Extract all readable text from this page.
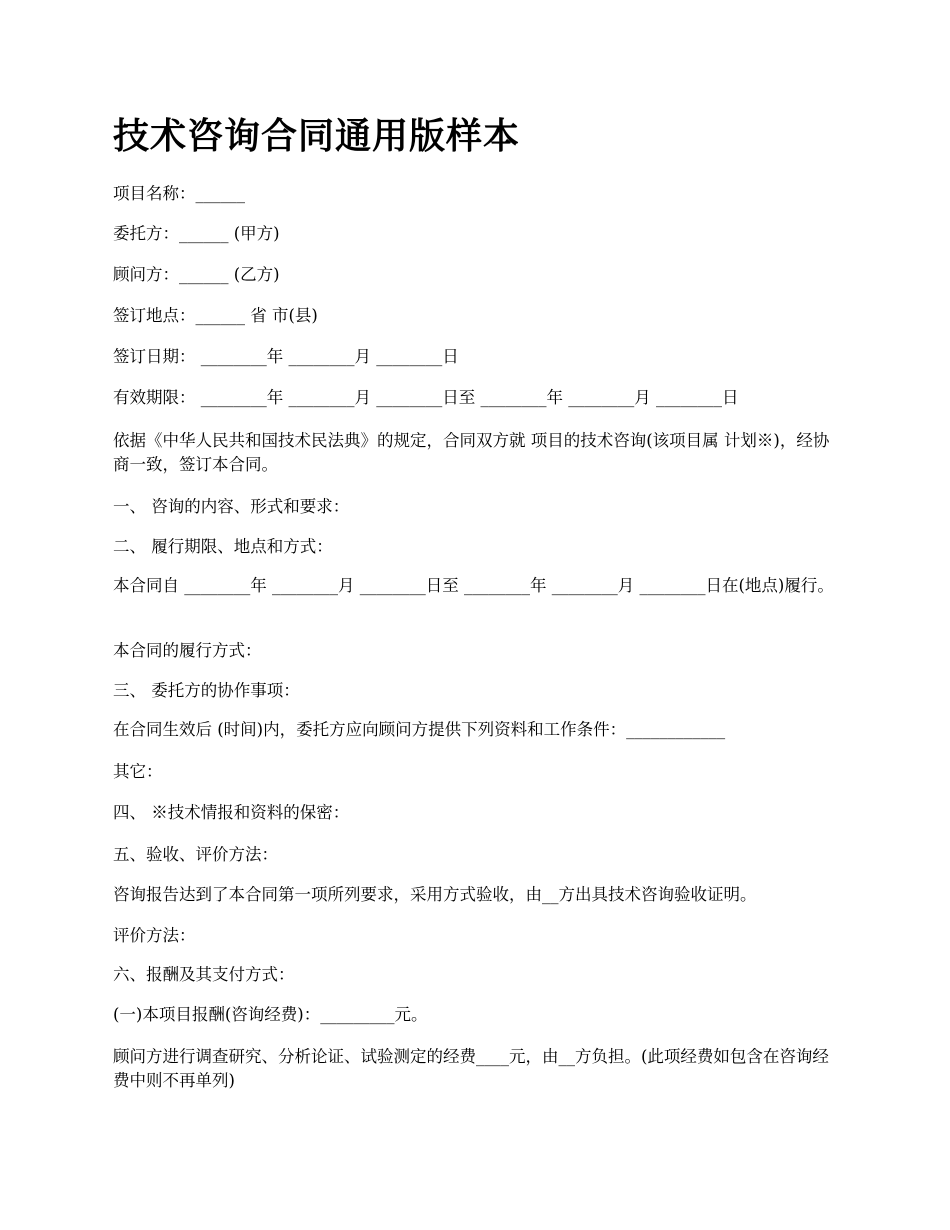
技术咨询合同通用版样本
项目名称：______
委托方：______ (甲方)
顾问方：______ (乙方)
签订地点：______ 省 市(县)
签订日期： ________年 ________月 ________日
有效期限： ________年 ________月 ________日至 ________年 ________月 ________日
依据《中华人民共和国技术民法典》的规定，合同双方就 项目的技术咨询(该项目属 计划※)，经协商一致，签订本合同。
一、 咨询的内容、形式和要求：
二、 履行期限、地点和方式：
本合同自 ________年 ________月 ________日至 ________年 ________月 ________日在(地点)履行。
本合同的履行方式：
三、 委托方的协作事项：
在合同生效后 (时间)内，委托方应向顾问方提供下列资料和工作条件：____________
其它：
四、 ※技术情报和资料的保密：
五、验收、评价方法：
咨询报告达到了本合同第一项所列要求，采用方式验收，由__方出具技术咨询验收证明。
评价方法：
六、报酬及其支付方式：
(一)本项目报酬(咨询经费)：_________元。
顾问方进行调查研究、分析论证、试验测定的经费____元，由__方负担。(此项经费如包含在咨询经费中则不再单列)
